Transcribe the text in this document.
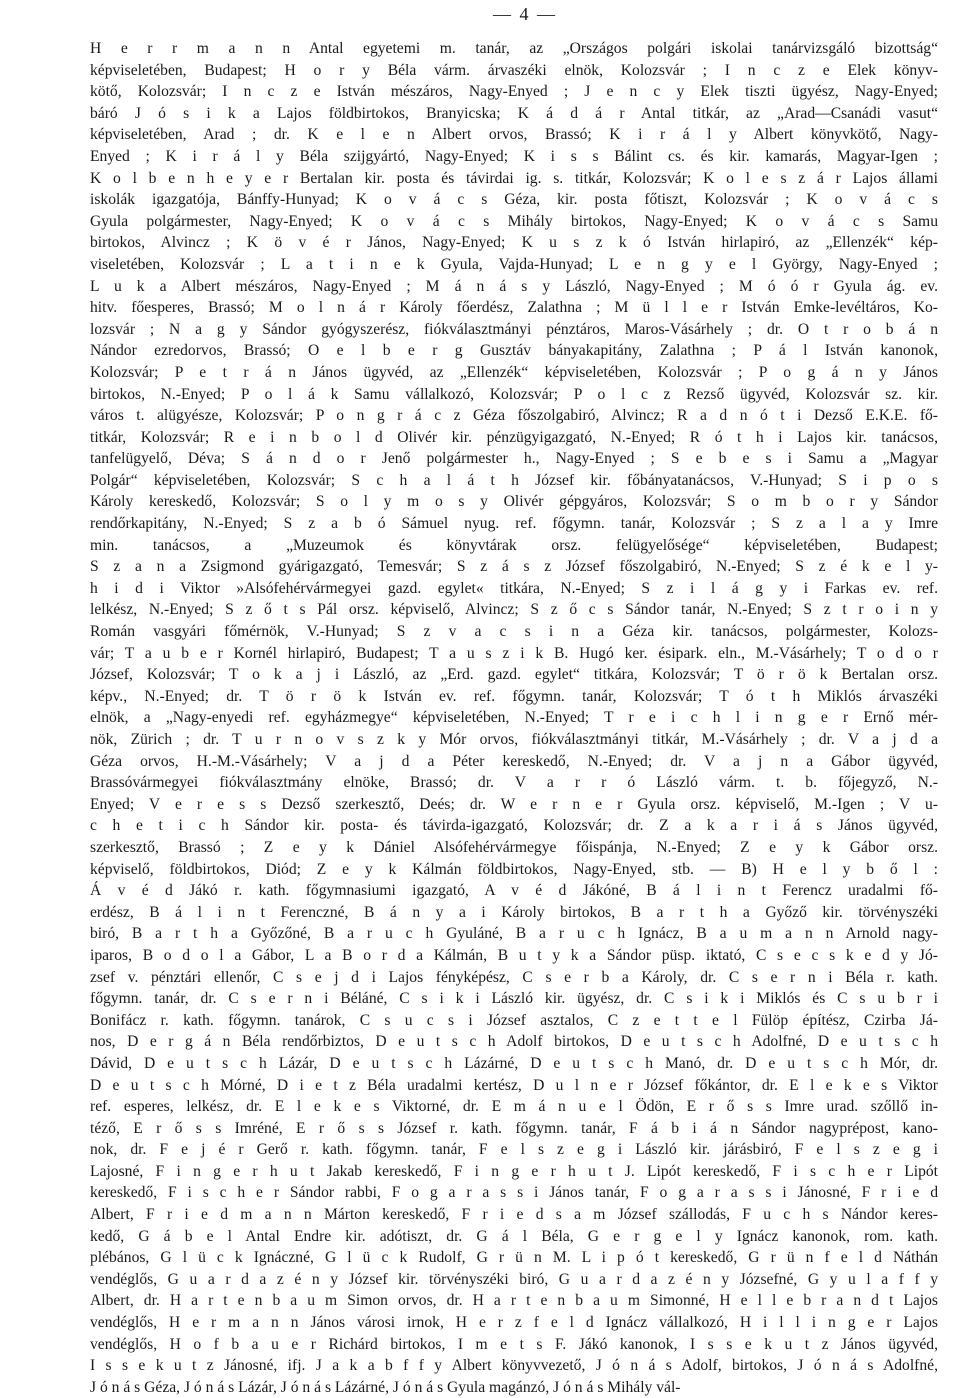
— 4 —
H e r r m a n n Antal egyetemi m. tanár, az „Országos polgári iskolai tanárvizsgáló bizottság“
képviseletében, Budapest; H o r y Béla várm. árvaszéki elnök, Kolozsvár ; I n c z e Elek könyv-
kötő, Kolozsvár; I n c z e István mészáros, Nagy-Enyed ; J e n c y Elek tiszti ügyész, Nagy-Enyed;
báró J ó s i k a Lajos földbirtokos, Branyicska; K á d á r Antal titkár, az „Arad—Csanádi vasut“
képviseletében, Arad ; dr. K e l e n Albert orvos, Brassó; K i r á l y Albert könyvkötő, Nagy-
Enyed ; K i r á l y Béla szijgyártó, Nagy-Enyed; K i s s Bálint cs. és kir. kamarás, Magyar-Igen ;
K o l b e n h e y e r Bertalan kir. posta és távirdai ig. s. titkár, Kolozsvár; K o l e s z á r Lajos állami
iskolák igazgatója, Bánffy-Hunyad; K o v á c s Géza, kir. posta főtiszt, Kolozsvár ; K o v á c s
Gyula polgármester, Nagy-Enyed; K o v á c s Mihály birtokos, Nagy-Enyed; K o v á c s Samu
birtokos, Alvincz ; K ö v é r János, Nagy-Enyed; K u s z k ó István hirlapiró, az „Ellenzék“ kép-
viseletében, Kolozsvár ; L a t i n e k Gyula, Vajda-Hunyad; L e n g y e l György, Nagy-Enyed ;
L u k a Albert mészáros, Nagy-Enyed ; M á n á s y László, Nagy-Enyed ; M ó ó r Gyula ág. ev.
hitv. főesperes, Brassó; M o l n á r Károly főerdész, Zalathna ; M ü l l e r István Emke-levéltáros, Ko-
lozsvár ; N a g y Sándor gyógyszerész, fiókválasztmányi pénztáros, Maros-Vásárhely ; dr. O t r o b á n
Nándor ezredorvos, Brassó; O e l b e r g Gusztáv bányakapitány, Zalathna ; P á l István kanonok,
Kolozsvár; P e t r á n János ügyvéd, az „Ellenzék“ képviseletében, Kolozsvár ; P o g á n y János
birtokos, N.-Enyed; P o l á k Samu vállalkozó, Kolozsvár; P o l c z Rezső ügyvéd, Kolozsvár sz. kir.
város t. alügyésze, Kolozsvár; P o n g r á c z Géza főszolgabiró, Alvincz; R a d n ó t i Dezső E.K.E. fő-
titkár, Kolozsvár; R e i n b o l d Olivér kir. pénzügyigazgató, N.-Enyed; R ó t h i Lajos kir. tanácsos,
tanfelügyelő, Déva; S á n d o r Jenő polgármester h., Nagy-Enyed ; S e b e s i Samu a „Magyar
Polgár“ képviseletében, Kolozsvár; S c h a l á t h József kir. főbányatanácsos, V.-Hunyad; S i p o s
Károly kereskedő, Kolozsvár; S o l y m o s y Olivér gépgyáros, Kolozsvár; S o m b o r y Sándor
rendőrkapitány, N.-Enyed; S z a b ó Sámuel nyug. ref. főgymn. tanár, Kolozsvár ; S z a l a y Imre
min. tanácsos, a „Muzeumok és könyvtárak orsz. felügyelősége“ képviseletében, Budapest;
S z a n a Zsigmond gyárigazgató, Temesvár; S z á s z József főszolgabiró, N.-Enyed; S z é k e l y-
h i d i Viktor »Alsófehérvármegyei gazd. egylet« titkára, N.-Enyed; S z i l á g y i Farkas ev. ref.
lelkész, N.-Enyed; S z ő t s Pál orsz. képviselő, Alvincz; S z ő c s Sándor tanár, N.-Enyed; S z t r o i n y
Román vasgyári főmérnök, V.-Hunyad; S z v a c s i n a Géza kir. tanácsos, polgármester, Kolozs-
vár; T a u b e r Kornél hirlapiró, Budapest; T a u s z i k B. Hugó ker. ésipark. eln., M.-Vásárhely; T o d o r
József, Kolozsvár; T o k a j i László, az „Erd. gazd. egylet“ titkára, Kolozsvár; T ö r ö k Bertalan orsz.
képv., N.-Enyed; dr. T ö r ö k István ev. ref. főgymn. tanár, Kolozsvár; T ó t h Miklós árvaszéki
elnök, a „Nagy-enyedi ref. egyházmegye“ képviseletében, N.-Enyed; T r e i c h l i n g e r Ernő mér-
nök, Zürich ; dr. T u r n o v s z k y Mór orvos, fiókválasztmányi titkár, M.-Vásárhely ; dr. V a j d a
Géza orvos, H.-M.-Vásárhely; V a j d a Péter kereskedő, N.-Enyed; dr. V a j n a Gábor ügyvéd,
Brassóvármegyei fiókválasztmány elnöke, Brassó; dr. V a r r ó László várm. t. b. főjegyző, N.-
Enyed; V e r e s s Dezső szerkesztő, Deés; dr. W e r n e r Gyula orsz. képviselő, M.-Igen ; V u-
c h e t i c h Sándor kir. posta- és távirda-igazgató, Kolozsvár; dr. Z a k a r i á s János ügyvéd,
szerkesztő, Brassó ; Z e y k Dániel Alsófehérvármegye főispánja, N.-Enyed; Z e y k Gábor orsz.
képviselő, földbirtokos, Diód; Z e y k Kálmán földbirtokos, Nagy-Enyed, stb. — B) H e l y b ő l :
Á v é d Jákó r. kath. főgymnasiumi igazgató, A v é d Jákóné, B á l i n t Ferencz uradalmi fő-
erdész, B á l i n t Ferenczné, B á n y a i Károly birtokos, B a r t h a Győző kir. törvényszéki
biró, B a r t h a Győzőné, B a r u c h Gyuláné, B a r u c h Ignácz, B a u m a n n Arnold nagy-
iparos, B o d o l a Gábor, L a B o r d a Kálmán, B u t y k a Sándor püsp. iktató, C s e c s k e d y Jó-
zsef v. pénztári ellenőr, C s e j d i Lajos fényképész, C s e r b a Károly, dr. C s e r n i Béla r. kath.
főgymn. tanár, dr. C s e r n i Béláné, C s i k i László kir. ügyész, dr. C s i k i Miklós és C s u b r i
Bonifácz r. kath. főgymn. tanárok, C s u c s i József asztalos, C z e t t e l Fülöp építész, Czirba Já-
nos, D e r g á n Béla rendőrbiztos, D e u t s c h Adolf birtokos, D e u t s c h Adolfné, D e u t s c h
Dávid, D e u t s c h Lázár, D e u t s c h Lázárné, D e u t s c h Manó, dr. D e u t s c h Mór, dr.
D e u t s c h Mórné, D i e t z Béla uradalmi kertész, D u l n e r József főkántor, dr. E l e k e s Viktor
ref. esperes, lelkész, dr. E l e k e s Viktorné, dr. E m á n u e l Ödön, E r ő s s Imre urad. szőllő in-
téző, E r ő s s Imréné, E r ő s s József r. kath. főgymn. tanár, F á b i á n Sándor nagyprépost, kano-
nok, dr. F e j é r Gerő r. kath. főgymn. tanár, F e l s z e g i László kir. járásbiró, F e l s z e g i
Lajosné, F i n g e r h u t Jakab kereskedő, F i n g e r h u t J. Lipót kereskedő, F i s c h e r Lipót
kereskedő, F i s c h e r Sándor rabbi, F o g a r a s s i János tanár, F o g a r a s s i Jánosné, F r i e d
Albert, F r i e d m a n n Márton kereskedő, F r i e d s a m József szállodás, F u c h s Nándor keres-
kedő, G á b e l Antal Endre kir. adótiszt, dr. G á l Béla, G e r g e l y Ignácz kanonok, rom. kath.
plébános, G l ü c k Ignáczné, G l ü c k Rudolf, G r ü n M. L i p ó t kereskedő, G r ü n f e l d Náthán
vendéglős, G u a r d a z é n y József kir. törvényszéki biró, G u a r d a z é n y Józsefné, G y u l a f f y
Albert, dr. H a r t e n b a u m Simon orvos, dr. H a r t e n b a u m Simonné, H e l l e b r a n d t Lajos
vendéglős, H e r m a n n János városi irnok, H e r z f e l d Ignácz vállalkozó, H i l l i n g e r Lajos
vendéglős, H o f b a u e r Richárd birtokos, I m e t s F. Jákó kanonok, I s s e k u t z János ügyvéd,
I s s e k u t z Jánosné, ifj. J a k a b f f y Albert könyvvezető, J ó n á s Adolf, birtokos, J ó n á s Adolfné,
J ó n á s Géza, J ó n á s Lázár, J ó n á s Lázárné, J ó n á s Gyula magánzó, J ó n á s Mihály vál-
